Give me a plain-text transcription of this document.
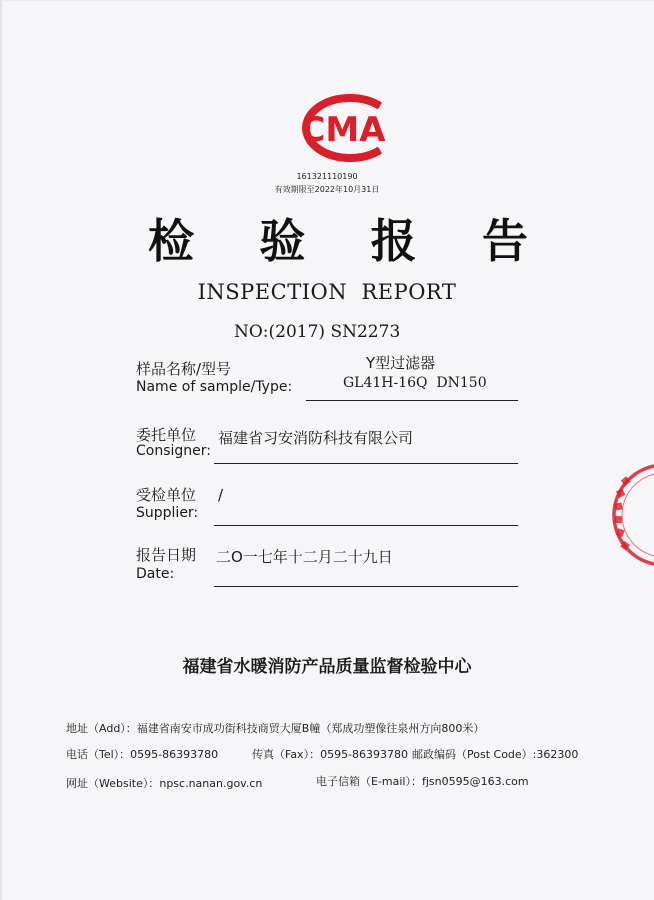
CMA
161321110190
有效期限至2022年10月31日
检 验 报 告
INSPECTION  REPORT
NO:(2017) SN2273
样品名称/型号
Name of sample/Type:
Y型过滤器
GL41H-16Q  DN150
委托单位
Consigner:
福建省习安消防科技有限公司
受检单位
Supplier:
/
报告日期
Date:
二O一七年十二月二十九日
福建省水暖消防产品质量监督检验中心
地址（Add）：福建省南安市成功街科技商贸大厦B幢（郑成功塑像往泉州方向800米）
电话（Tel）：0595-86393780	传真（Fax）：0595-86393780 邮政编码（Post Code）:362300
网址（Website）：npsc.nanan.gov.cn	电子信箱（E-mail）：fjsn0595@163.com
